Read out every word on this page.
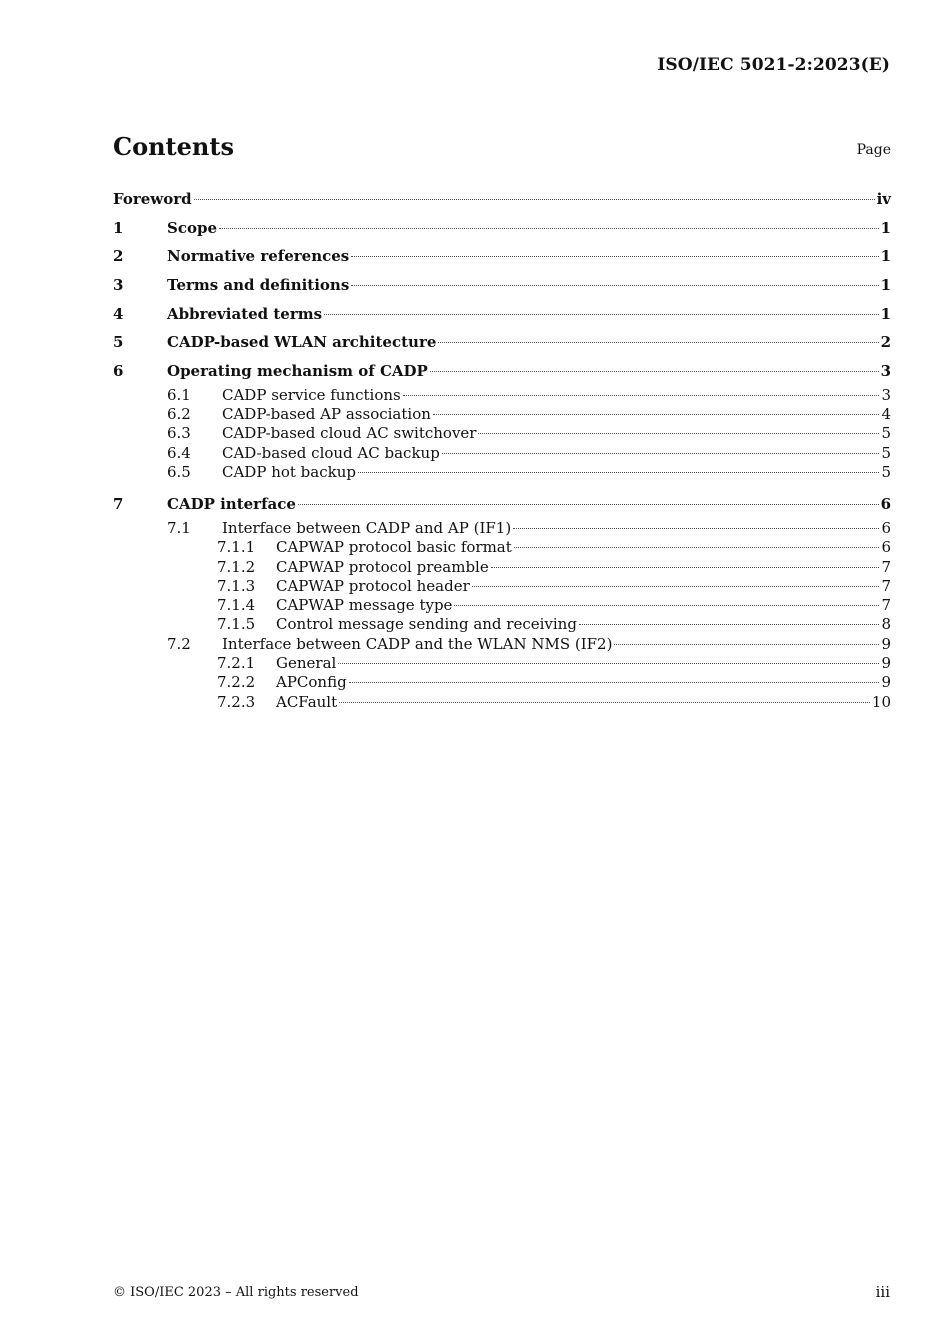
ISO/IEC 5021-2:2023(E)
Contents	Page
Foreword	iv
1	Scope	1
2	Normative references	1
3	Terms and definitions	1
4	Abbreviated terms	1
5	CADP-based WLAN architecture	2
6	Operating mechanism of CADP	3
6.1	CADP service functions	3
6.2	CADP-based AP association	4
6.3	CADP-based cloud AC switchover	5
6.4	CAD-based cloud AC backup	5
6.5	CADP hot backup	5
7	CADP interface	6
7.1	Interface between CADP and AP (IF1)	6
7.1.1	CAPWAP protocol basic format	6
7.1.2	CAPWAP protocol preamble	7
7.1.3	CAPWAP protocol header	7
7.1.4	CAPWAP message type	7
7.1.5	Control message sending and receiving	8
7.2	Interface between CADP and the WLAN NMS (IF2)	9
7.2.1	General	9
7.2.2	APConfig	9
7.2.3	ACFault	10
© ISO/IEC 2023 – All rights reserved	iii
